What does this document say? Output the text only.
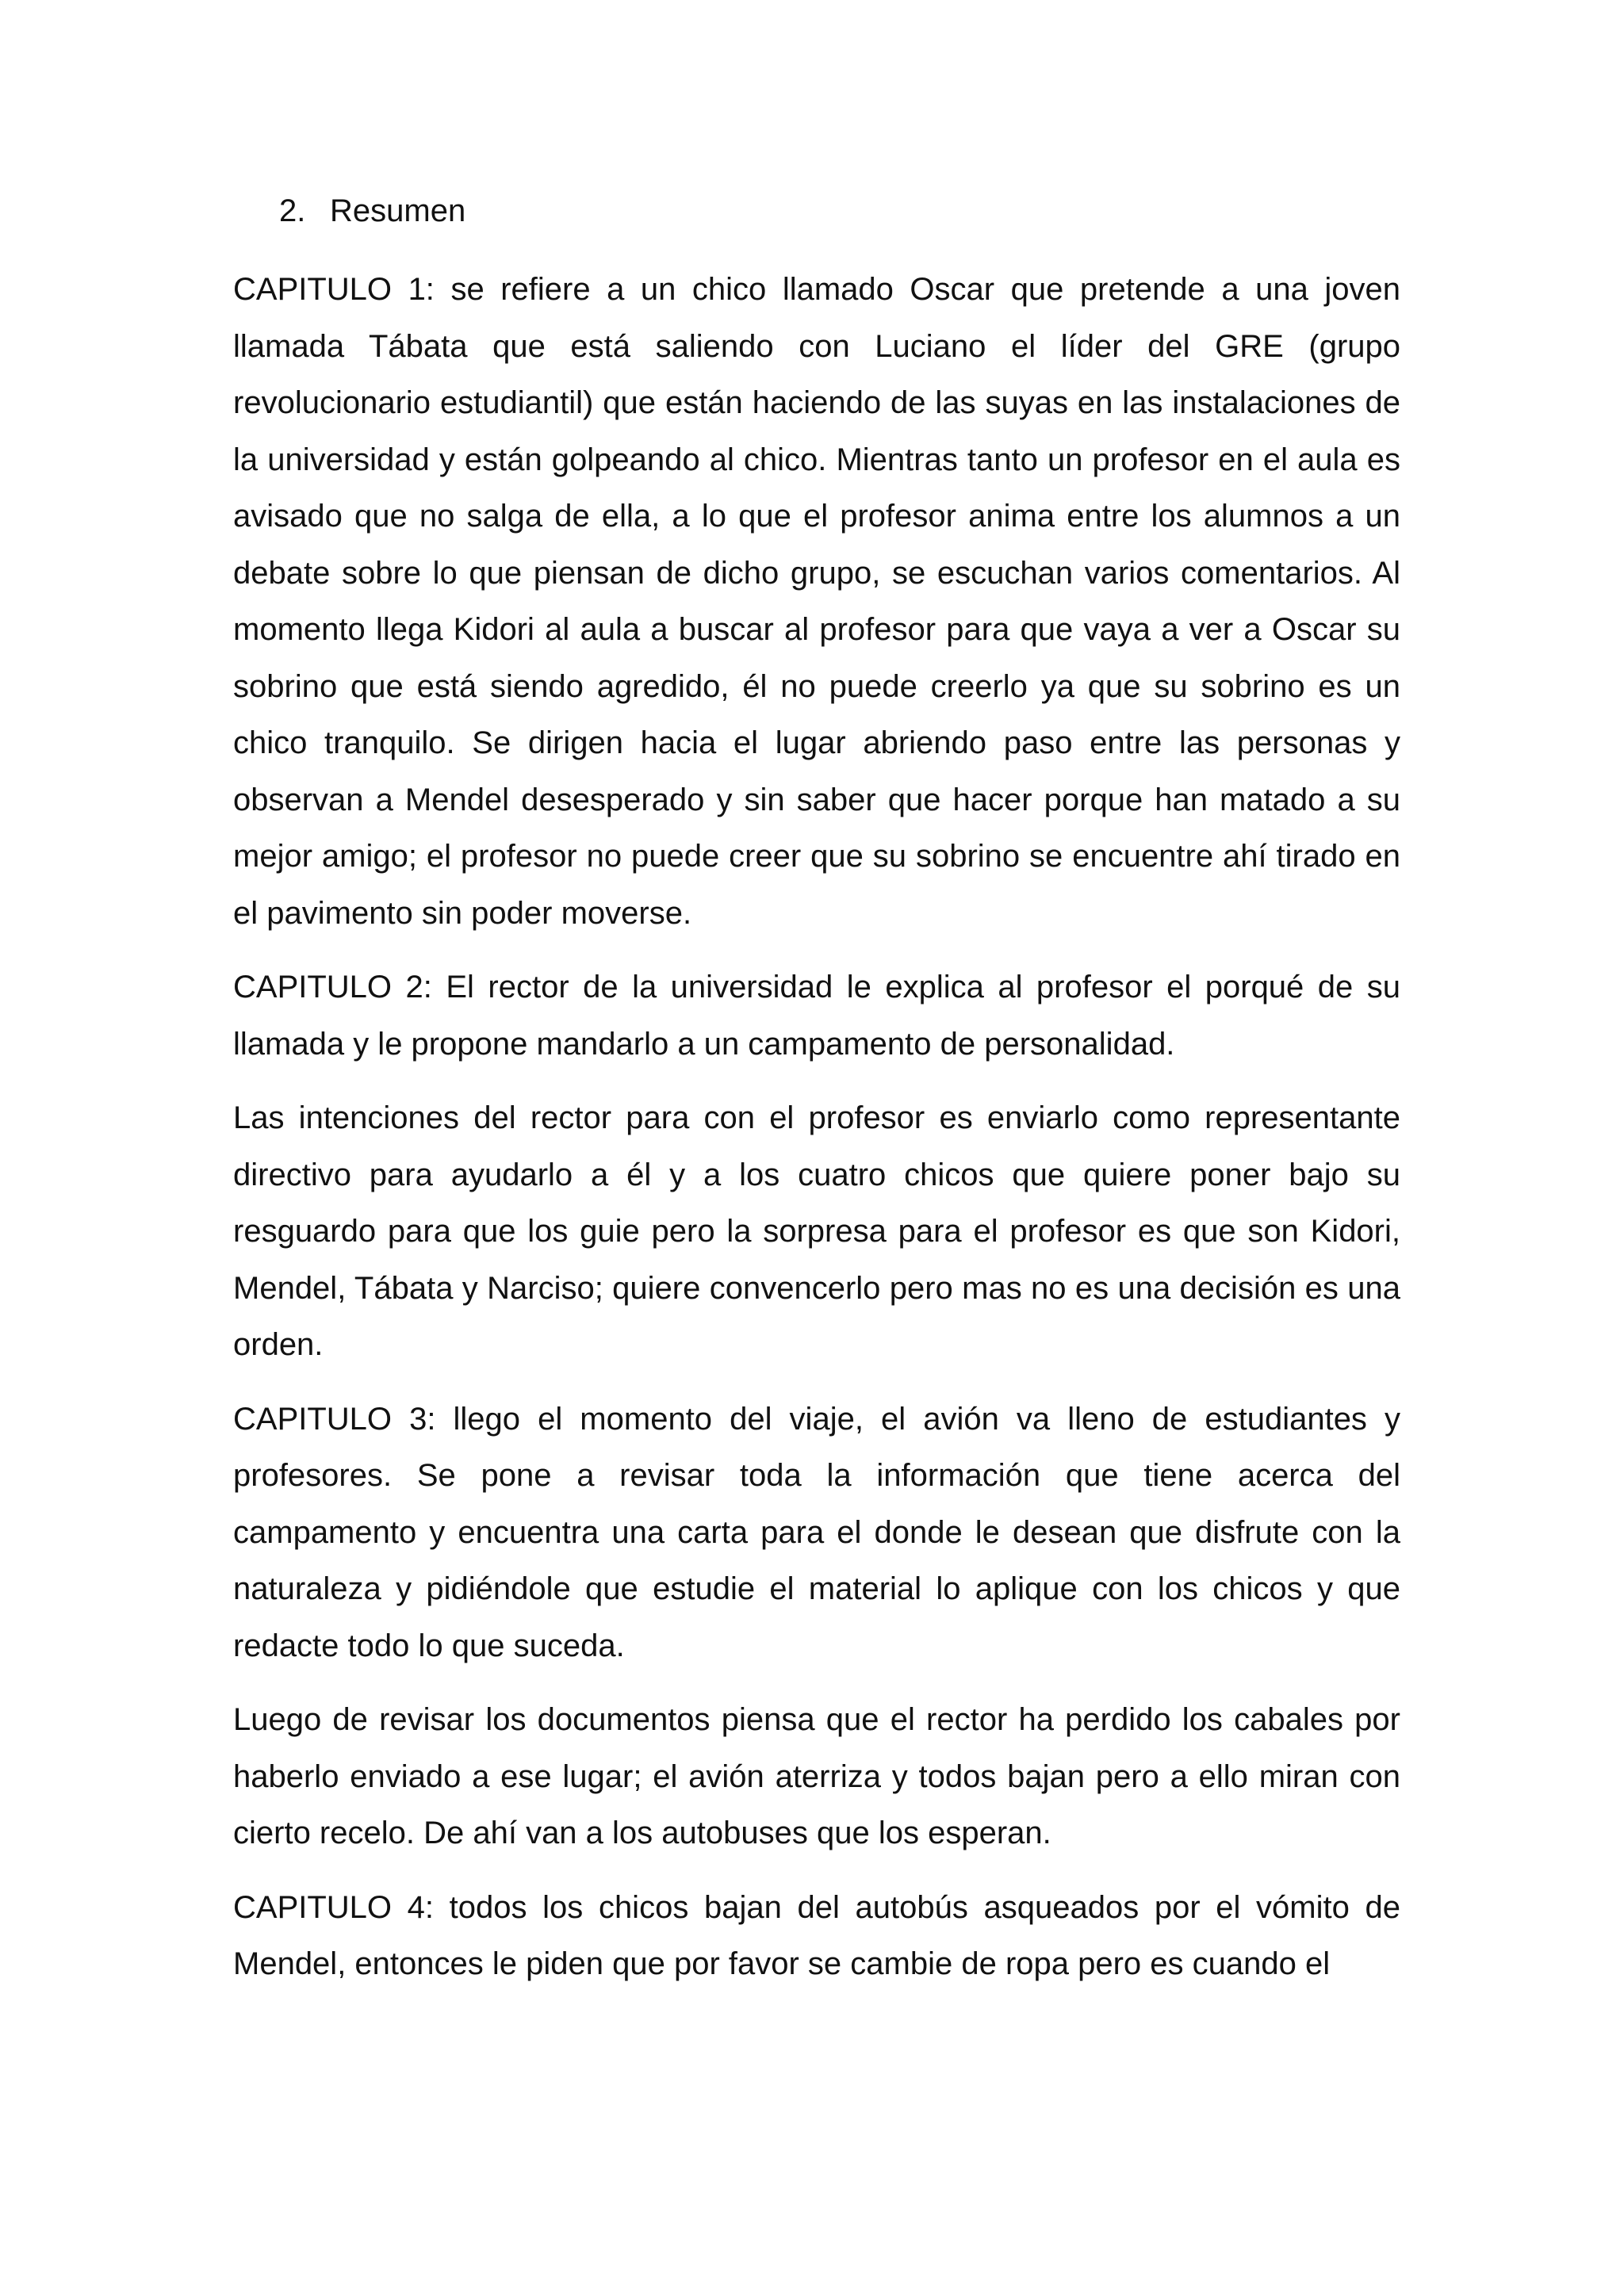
2. Resumen

CAPITULO 1: se refiere a un chico llamado Oscar que pretende a una joven llamada Tábata que está saliendo con Luciano el líder del GRE (grupo revolucionario estudiantil) que están haciendo de las suyas en las instalaciones de la universidad y están golpeando al chico. Mientras tanto un profesor en el aula es avisado que no salga de ella, a lo que el profesor anima entre los alumnos a un debate sobre lo que piensan de dicho grupo, se escuchan varios comentarios. Al momento llega Kidori al aula a buscar al profesor para que vaya a ver a Oscar su sobrino que está siendo agredido, él no puede creerlo ya que su sobrino es un chico tranquilo. Se dirigen hacia el lugar abriendo paso entre las personas y observan a Mendel desesperado y sin saber que hacer porque han matado a su mejor amigo; el profesor no puede creer que su sobrino se encuentre ahí tirado en el pavimento sin poder moverse.

CAPITULO 2: El rector de la universidad le explica al profesor el porqué de su llamada y le propone mandarlo a un campamento de personalidad.

Las intenciones del rector para con el profesor es enviarlo como representante directivo para ayudarlo a él y a los cuatro chicos que quiere poner bajo su resguardo para que los guie pero la sorpresa para el profesor es que son Kidori, Mendel, Tábata y Narciso; quiere convencerlo pero mas no es una decisión es una orden.

CAPITULO 3: llego el momento del viaje, el avión va lleno de estudiantes y profesores. Se pone a revisar toda la información que tiene acerca del campamento y encuentra una carta para el donde le desean que disfrute con la naturaleza y pidiéndole que estudie el material lo aplique con los chicos y que redacte todo lo que suceda.

Luego de revisar los documentos piensa que el rector ha perdido los cabales por haberlo enviado a ese lugar; el avión aterriza y todos bajan pero a ello miran con cierto recelo. De ahí van a los autobuses que los esperan.

CAPITULO 4: todos los chicos bajan del autobús asqueados por el vómito de Mendel, entonces le piden que por favor se cambie de ropa pero es cuando el
